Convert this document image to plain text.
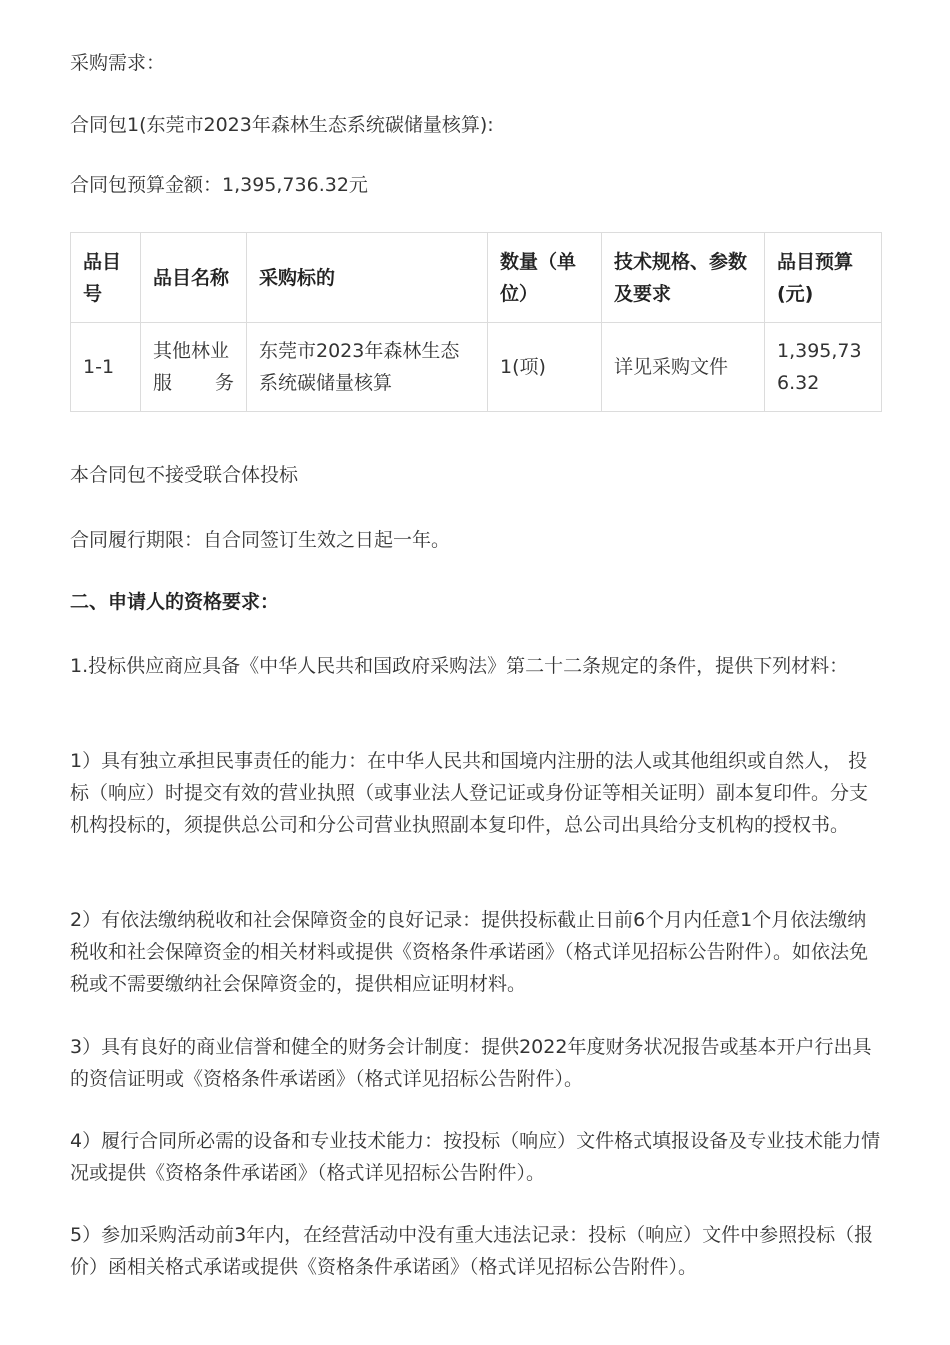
采购需求：

合同包1(东莞市2023年森林生态系统碳储量核算):

合同包预算金额：1,395,736.32元

品目号	品目名称	采购标的	数量（单位）	技术规格、参数及要求	品目预算(元)
1-1	其他林业服务	东莞市2023年森林生态系统碳储量核算	1(项)	详见采购文件	1,395,736.32

本合同包不接受联合体投标

合同履行期限：自合同签订生效之日起一年。

二、申请人的资格要求：

1.投标供应商应具备《中华人民共和国政府采购法》第二十二条规定的条件，提供下列材料：

1）具有独立承担民事责任的能力：在中华人民共和国境内注册的法人或其他组织或自然人， 投标（响应）时提交有效的营业执照（或事业法人登记证或身份证等相关证明）副本复印件。分支机构投标的，须提供总公司和分公司营业执照副本复印件，总公司出具给分支机构的授权书。

2）有依法缴纳税收和社会保障资金的良好记录：提供投标截止日前6个月内任意1个月依法缴纳税收和社会保障资金的相关材料或提供《资格条件承诺函》（格式详见招标公告附件）。如依法免税或不需要缴纳社会保障资金的，提供相应证明材料。

3）具有良好的商业信誉和健全的财务会计制度：提供2022年度财务状况报告或基本开户行出具的资信证明或《资格条件承诺函》（格式详见招标公告附件）。

4）履行合同所必需的设备和专业技术能力：按投标（响应）文件格式填报设备及专业技术能力情况或提供《资格条件承诺函》（格式详见招标公告附件）。

5）参加采购活动前3年内，在经营活动中没有重大违法记录：投标（响应）文件中参照投标（报价）函相关格式承诺或提供《资格条件承诺函》（格式详见招标公告附件）。
